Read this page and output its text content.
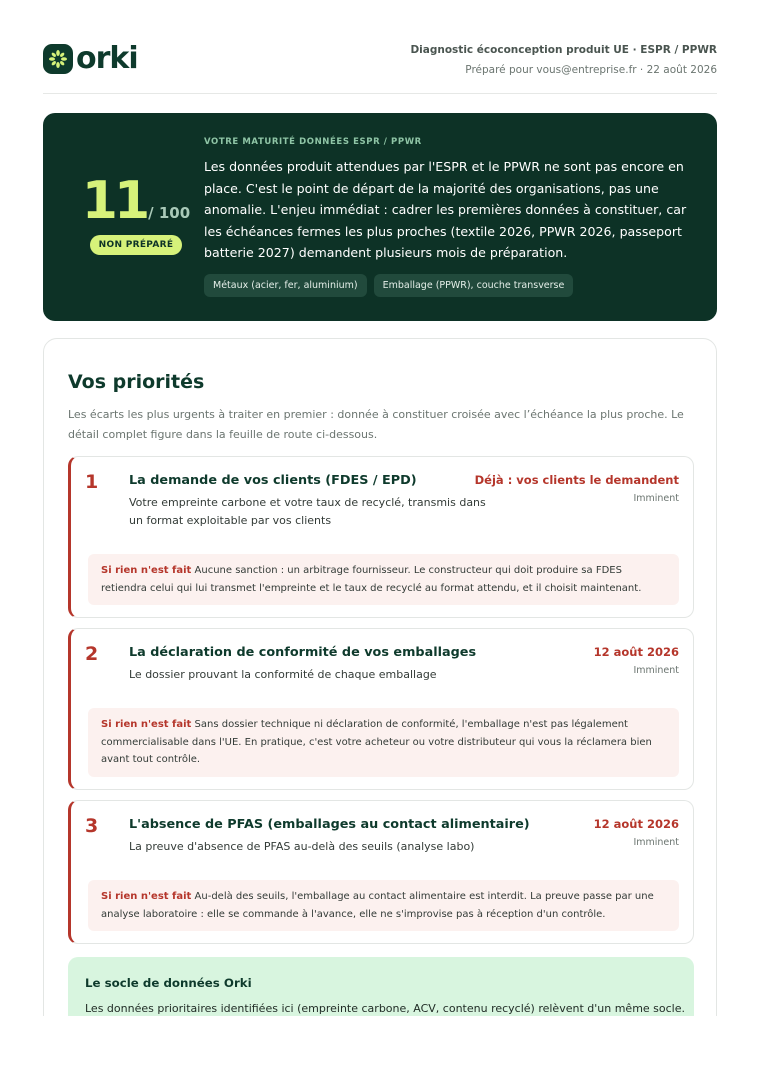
orki	Diagnostic écoconception produit UE · ESPR / PPWR
Préparé pour vous@entreprise.fr · 22 août 2026
11 / 100
NON PRÉPARÉ
VOTRE MATURITÉ DONNÉES ESPR / PPWR
Les données produit attendues par l'ESPR et le PPWR ne sont pas encore en place. C'est le point de départ de la majorité des organisations, pas une anomalie. L'enjeu immédiat : cadrer les premières données à constituer, car les échéances fermes les plus proches (textile 2026, PPWR 2026, passeport batterie 2027) demandent plusieurs mois de préparation.
Métaux (acier, fer, aluminium)	Emballage (PPWR), couche transverse
Vos priorités
Les écarts les plus urgents à traiter en premier : donnée à constituer croisée avec l’échéance la plus proche. Le détail complet figure dans la feuille de route ci-dessous.
1 La demande de vos clients (FDES / EPD)
Votre empreinte carbone et votre taux de recyclé, transmis dans un format exploitable par vos clients
Déjà : vos clients le demandent
Imminent
Si rien n'est fait Aucune sanction : un arbitrage fournisseur. Le constructeur qui doit produire sa FDES retiendra celui qui lui transmet l'empreinte et le taux de recyclé au format attendu, et il choisit maintenant.
2 La déclaration de conformité de vos emballages
Le dossier prouvant la conformité de chaque emballage
12 août 2026
Imminent
Si rien n'est fait Sans dossier technique ni déclaration de conformité, l'emballage n'est pas légalement commercialisable dans l'UE. En pratique, c'est votre acheteur ou votre distributeur qui vous la réclamera bien avant tout contrôle.
3 L'absence de PFAS (emballages au contact alimentaire)
La preuve d'absence de PFAS au-delà des seuils (analyse labo)
12 août 2026
Imminent
Si rien n'est fait Au-delà des seuils, l'emballage au contact alimentaire est interdit. La preuve passe par une analyse laboratoire : elle se commande à l'avance, elle ne s'improvise pas à réception d'un contrôle.
Le socle de données Orki
Les données prioritaires identifiées ici (empreinte carbone, ACV, contenu recyclé) relèvent d'un même socle.
